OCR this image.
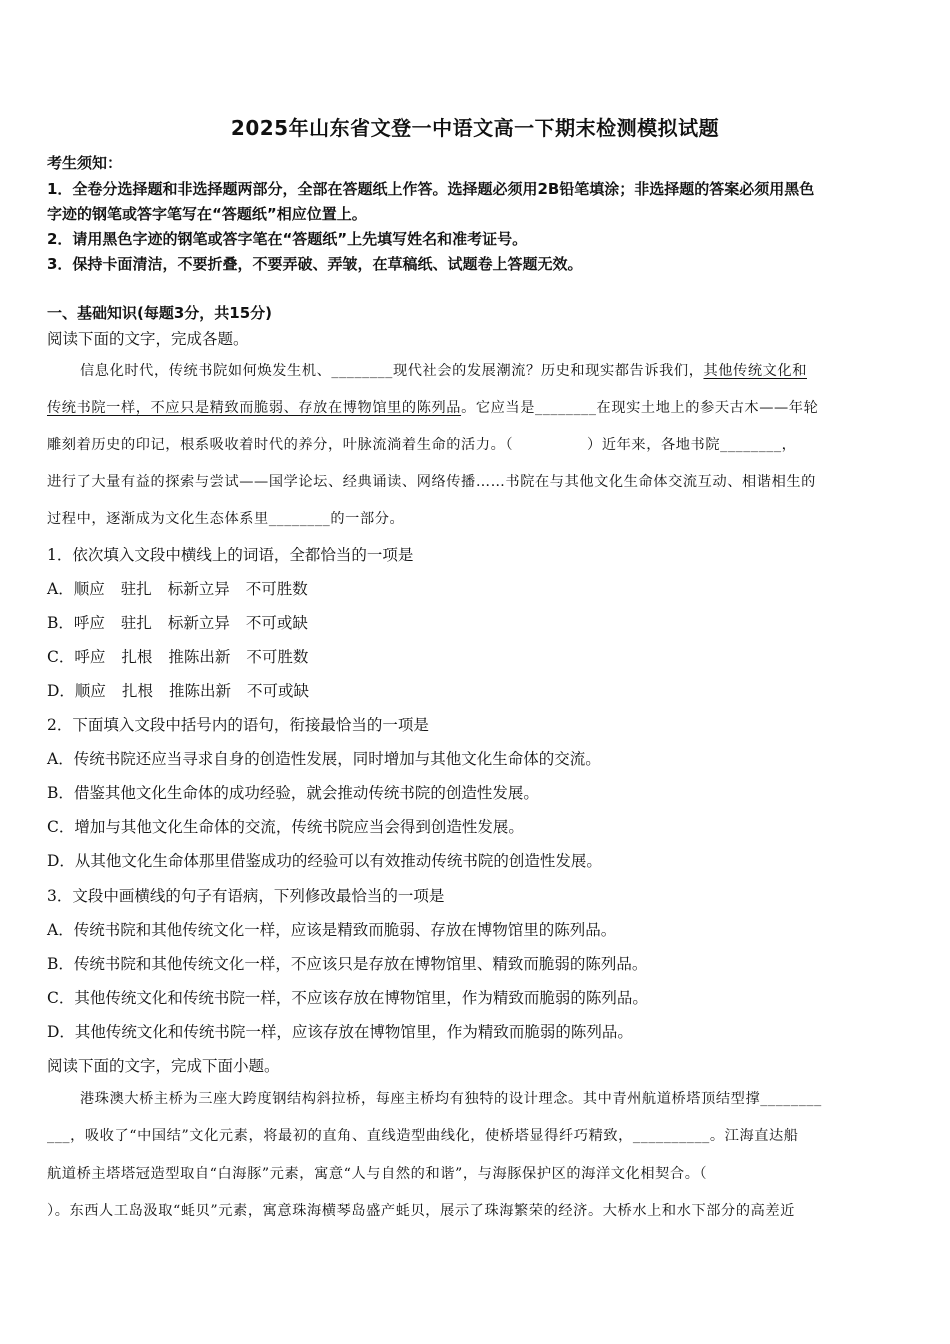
2025年山东省文登一中语文高一下期末检测模拟试题
考生须知：
1．全卷分选择题和非选择题两部分，全部在答题纸上作答。选择题必须用2B铅笔填涂；非选择题的答案必须用黑色
字迹的钢笔或答字笔写在“答题纸”相应位置上。
2．请用黑色字迹的钢笔或答字笔在“答题纸”上先填写姓名和准考证号。
3．保持卡面清洁，不要折叠，不要弄破、弄皱，在草稿纸、试题卷上答题无效。
一、基础知识(每题3分，共15分)
阅读下面的文字，完成各题。
信息化时代，传统书院如何焕发生机、________现代社会的发展潮流？历史和现实都告诉我们，其他传统文化和
传统书院一样，不应只是精致而脆弱、存放在博物馆里的陈列品。它应当是________在现实土地上的参天古木——年轮
雕刻着历史的印记，根系吸收着时代的养分，叶脉流淌着生命的活力。（　　　　　）近年来，各地书院________，
进行了大量有益的探索与尝试——国学论坛、经典诵读、网络传播……书院在与其他文化生命体交流互动、相谐相生的
过程中，逐渐成为文化生态体系里________的一部分。
1．依次填入文段中横线上的词语，全都恰当的一项是
A．顺应 驻扎 标新立异 不可胜数
B．呼应 驻扎 标新立异 不可或缺
C．呼应 扎根 推陈出新 不可胜数
D．顺应 扎根 推陈出新 不可或缺
2．下面填入文段中括号内的语句，衔接最恰当的一项是
A．传统书院还应当寻求自身的创造性发展，同时增加与其他文化生命体的交流。
B．借鉴其他文化生命体的成功经验，就会推动传统书院的创造性发展。
C．增加与其他文化生命体的交流，传统书院应当会得到创造性发展。
D．从其他文化生命体那里借鉴成功的经验可以有效推动传统书院的创造性发展。
3．文段中画横线的句子有语病，下列修改最恰当的一项是
A．传统书院和其他传统文化一样，应该是精致而脆弱、存放在博物馆里的陈列品。
B．传统书院和其他传统文化一样，不应该只是存放在博物馆里、精致而脆弱的陈列品。
C．其他传统文化和传统书院一样，不应该存放在博物馆里，作为精致而脆弱的陈列品。
D．其他传统文化和传统书院一样，应该存放在博物馆里，作为精致而脆弱的陈列品。
阅读下面的文字，完成下面小题。
港珠澳大桥主桥为三座大跨度钢结构斜拉桥，每座主桥均有独特的设计理念。其中青州航道桥塔顶结型撑________
___，吸收了“中国结”文化元素，将最初的直角、直线造型曲线化，使桥塔显得纤巧精致，__________。江海直达船
航道桥主塔塔冠造型取自“白海豚”元素，寓意“人与自然的和谐”，与海豚保护区的海洋文化相契合。（
）。东西人工岛汲取“蚝贝”元素，寓意珠海横琴岛盛产蚝贝，展示了珠海繁荣的经济。大桥水上和水下部分的高差近
